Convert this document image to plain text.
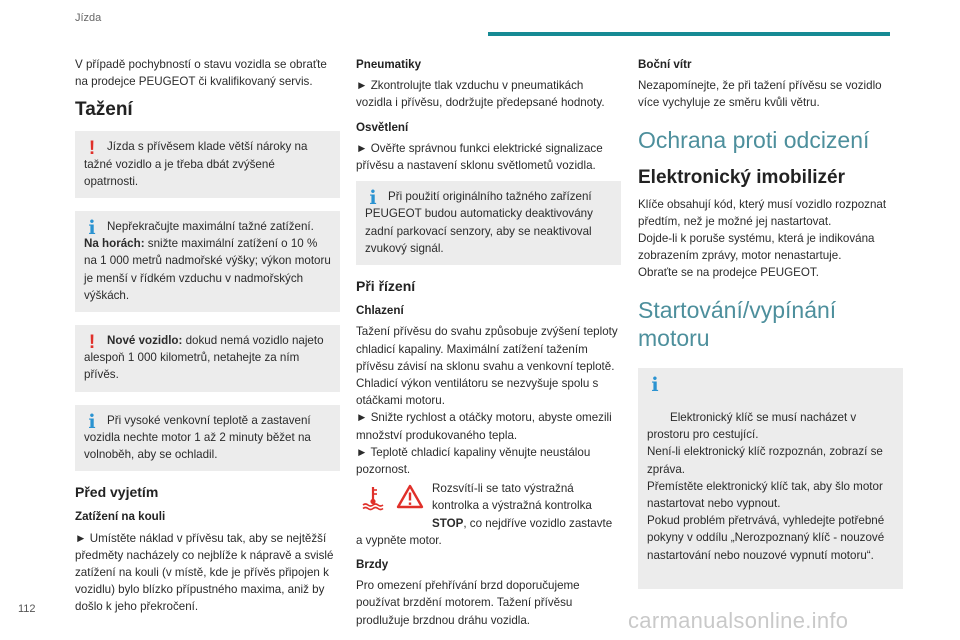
Jízda

V případě pochybností o stavu vozidla se obraťte na prodejce PEUGEOT či kvalifikovaný servis.

Tažení
!	Jízda s přívěsem klade větší nároky na tažné vozidlo a je třeba dbát zvýšené opatrnosti.
i Nepřekračujte maximální tažné zatížení.
Na horách: snižte maximální zatížení o 10 % na 1 000 metrů nadmořské výšky; výkon motoru je menší v řídkém vzduchu v nadmořských výškách.
!	Nové vozidlo: dokud nemá vozidlo najeto alespoň 1 000 kilometrů, netahejte za ním přívěs.
i Při vysoké venkovní teplotě a zastavení vozidla nechte motor 1 až 2 minuty běžet na volnoběh, aby se ochladil.
Před vyjetím
Zatížení na kouli

► Umístěte náklad v přívěsu tak, aby se nejtěžší předměty nacházely co nejblíže k nápravě a svislé zatížení na kouli (v místě, kde je přívěs připojen k vozidlu) bylo blízko přípustného maxima, aniž by došlo k jeho překročení.

Pneumatiky

► Zkontrolujte tlak vzduchu v pneumatikách vozidla i přívěsu, dodržujte předepsané hodnoty.

Osvětlení

► Ověřte správnou funkci elektrické signalizace přívěsu a nastavení sklonu světlometů vozidla.

i Při použití originálního tažného zařízení PEUGEOT budou automaticky deaktivovány zadní parkovací senzory, aby se neaktivoval zvukový signál.
Při řízení
Chlazení

Tažení přívěsu do svahu způsobuje zvýšení teploty chladicí kapaliny. Maximální zatížení tažením přívěsu závisí na sklonu svahu a venkovní teplotě. Chladicí výkon ventilátoru se nezvyšuje spolu s otáčkami motoru.

► Snižte rychlost a otáčky motoru, abyste omezili množství produkovaného tepla.

► Teplotě chladicí kapaliny věnujte neustálou pozornost.

Rozsvítí-li se tato výstražná kontrolka a výstražná kontrolka STOP, co nejdříve vozidlo zastavte a vypněte motor.
Brzdy

Pro omezení přehřívání brzd doporučujeme používat brzdění motorem. Tažení přívěsu prodlužuje brzdnou dráhu vozidla.

Boční vítr

Nezapomínejte, že při tažení přívěsu se vozidlo více vychyluje ze směru kvůli větru.

Ochrana proti odcizení
Elektronický imobilizér

Klíče obsahují kód, který musí vozidlo rozpoznat předtím, než je možné jej nastartovat.

Dojde-li k poruše systému, která je indikována zobrazením zprávy, motor nenastartuje.

Obraťte se na prodejce PEUGEOT.

Startování/vypínání motoru

i

Elektronický klíč se musí nacházet v prostoru pro cestující.
Není-li elektronický klíč rozpoznán, zobrazí se zpráva.
Přemístěte elektronický klíč tak, aby šlo motor nastartovat nebo vypnout.
Pokud problém přetrvává, vyhledejte potřebné pokyny v oddílu „Nerozpoznaný klíč - nouzové nastartování nebo nouzové vypnutí motoru“.

112	carmanualsonline.info
